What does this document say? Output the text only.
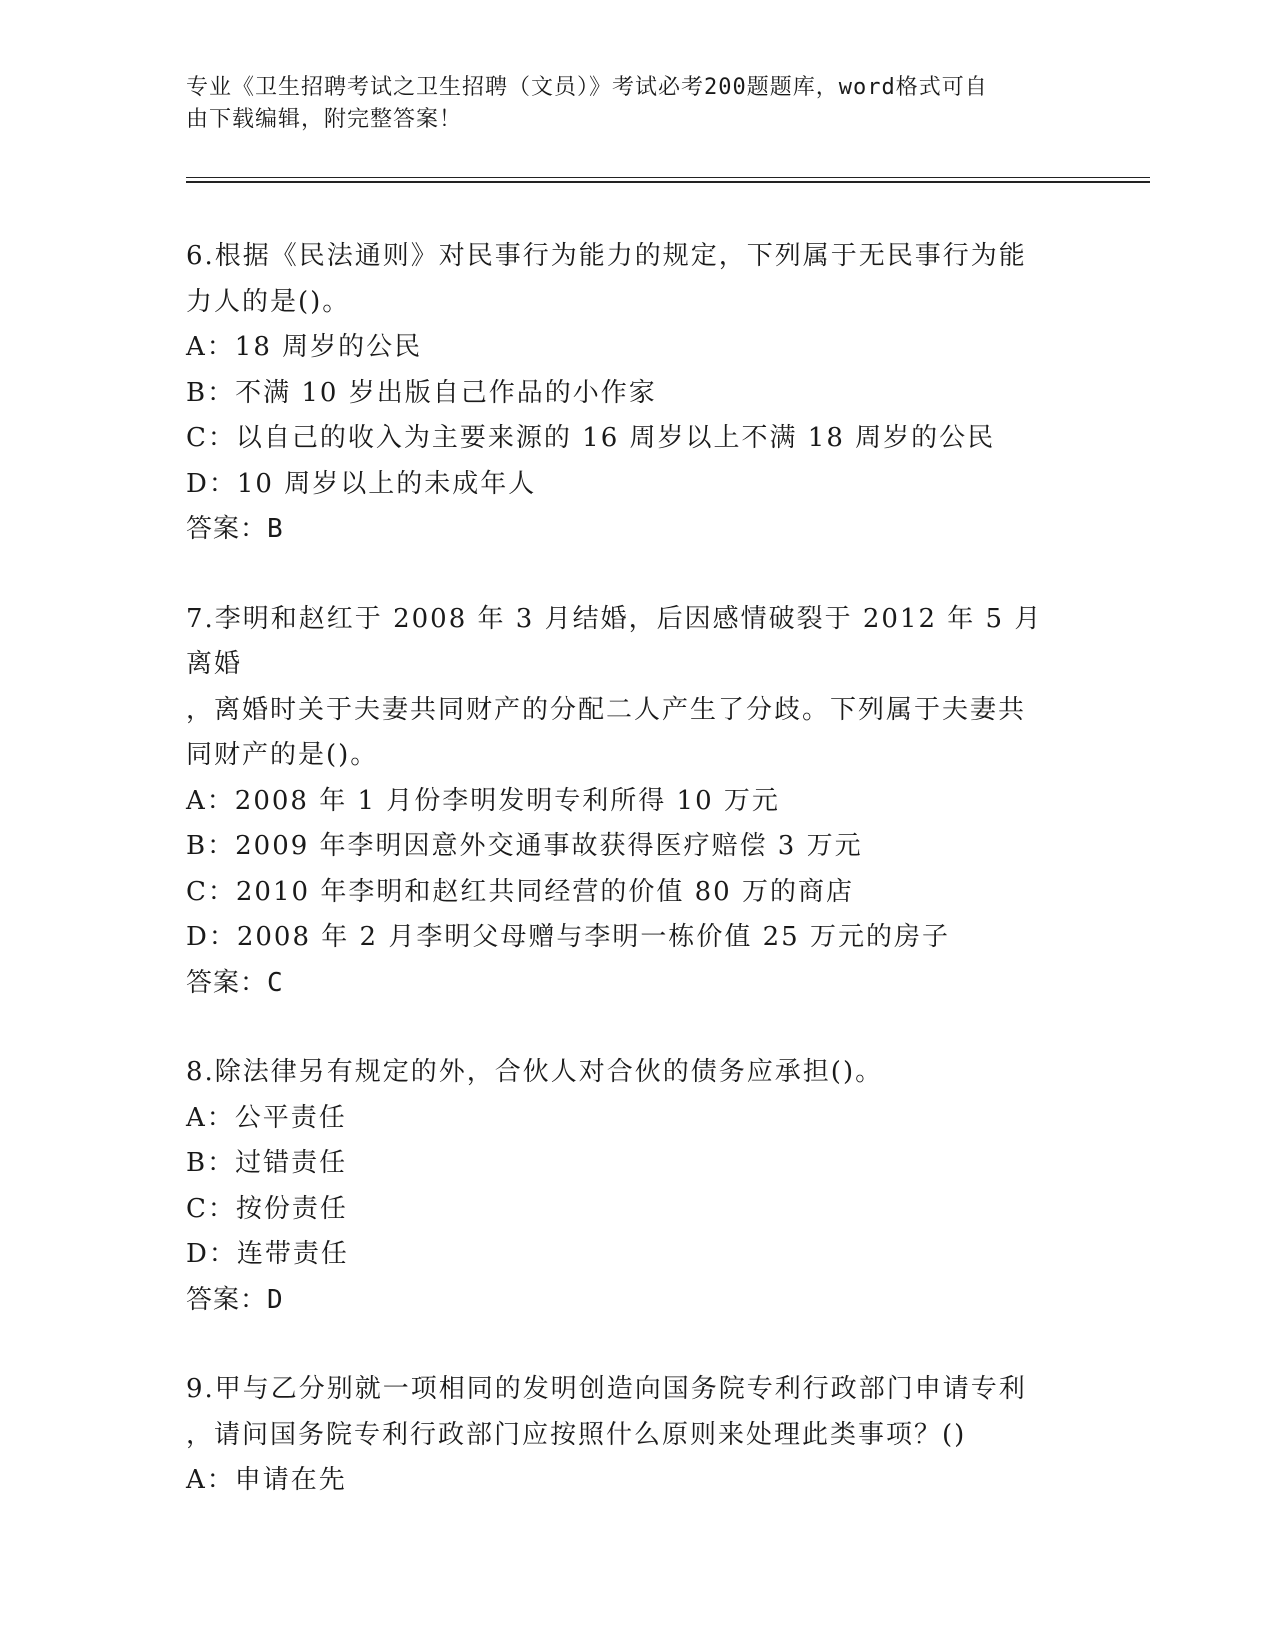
专业《卫生招聘考试之卫生招聘（文员）》考试必考200题题库，word格式可自
由下载编辑，附完整答案！

6.根据《民法通则》对民事行为能力的规定，下列属于无民事行为能

力人的是()。

A：18 周岁的公民

B：不满 10 岁出版自己作品的小作家

C：以自己的收入为主要来源的 16 周岁以上不满 18 周岁的公民

D：10 周岁以上的未成年人

答案：B

7.李明和赵红于 2008 年 3 月结婚，后因感情破裂于 2012 年 5 月离婚

，离婚时关于夫妻共同财产的分配二人产生了分歧。下列属于夫妻共

同财产的是()。

A：2008 年 1 月份李明发明专利所得 10 万元

B：2009 年李明因意外交通事故获得医疗赔偿 3 万元

C：2010 年李明和赵红共同经营的价值 80 万的商店

D：2008 年 2 月李明父母赠与李明一栋价值 25 万元的房子

答案：C

8.除法律另有规定的外，合伙人对合伙的债务应承担()。

A：公平责任

B：过错责任

C：按份责任

D：连带责任

答案：D

9.甲与乙分别就一项相同的发明创造向国务院专利行政部门申请专利

，请问国务院专利行政部门应按照什么原则来处理此类事项？()

A：申请在先
